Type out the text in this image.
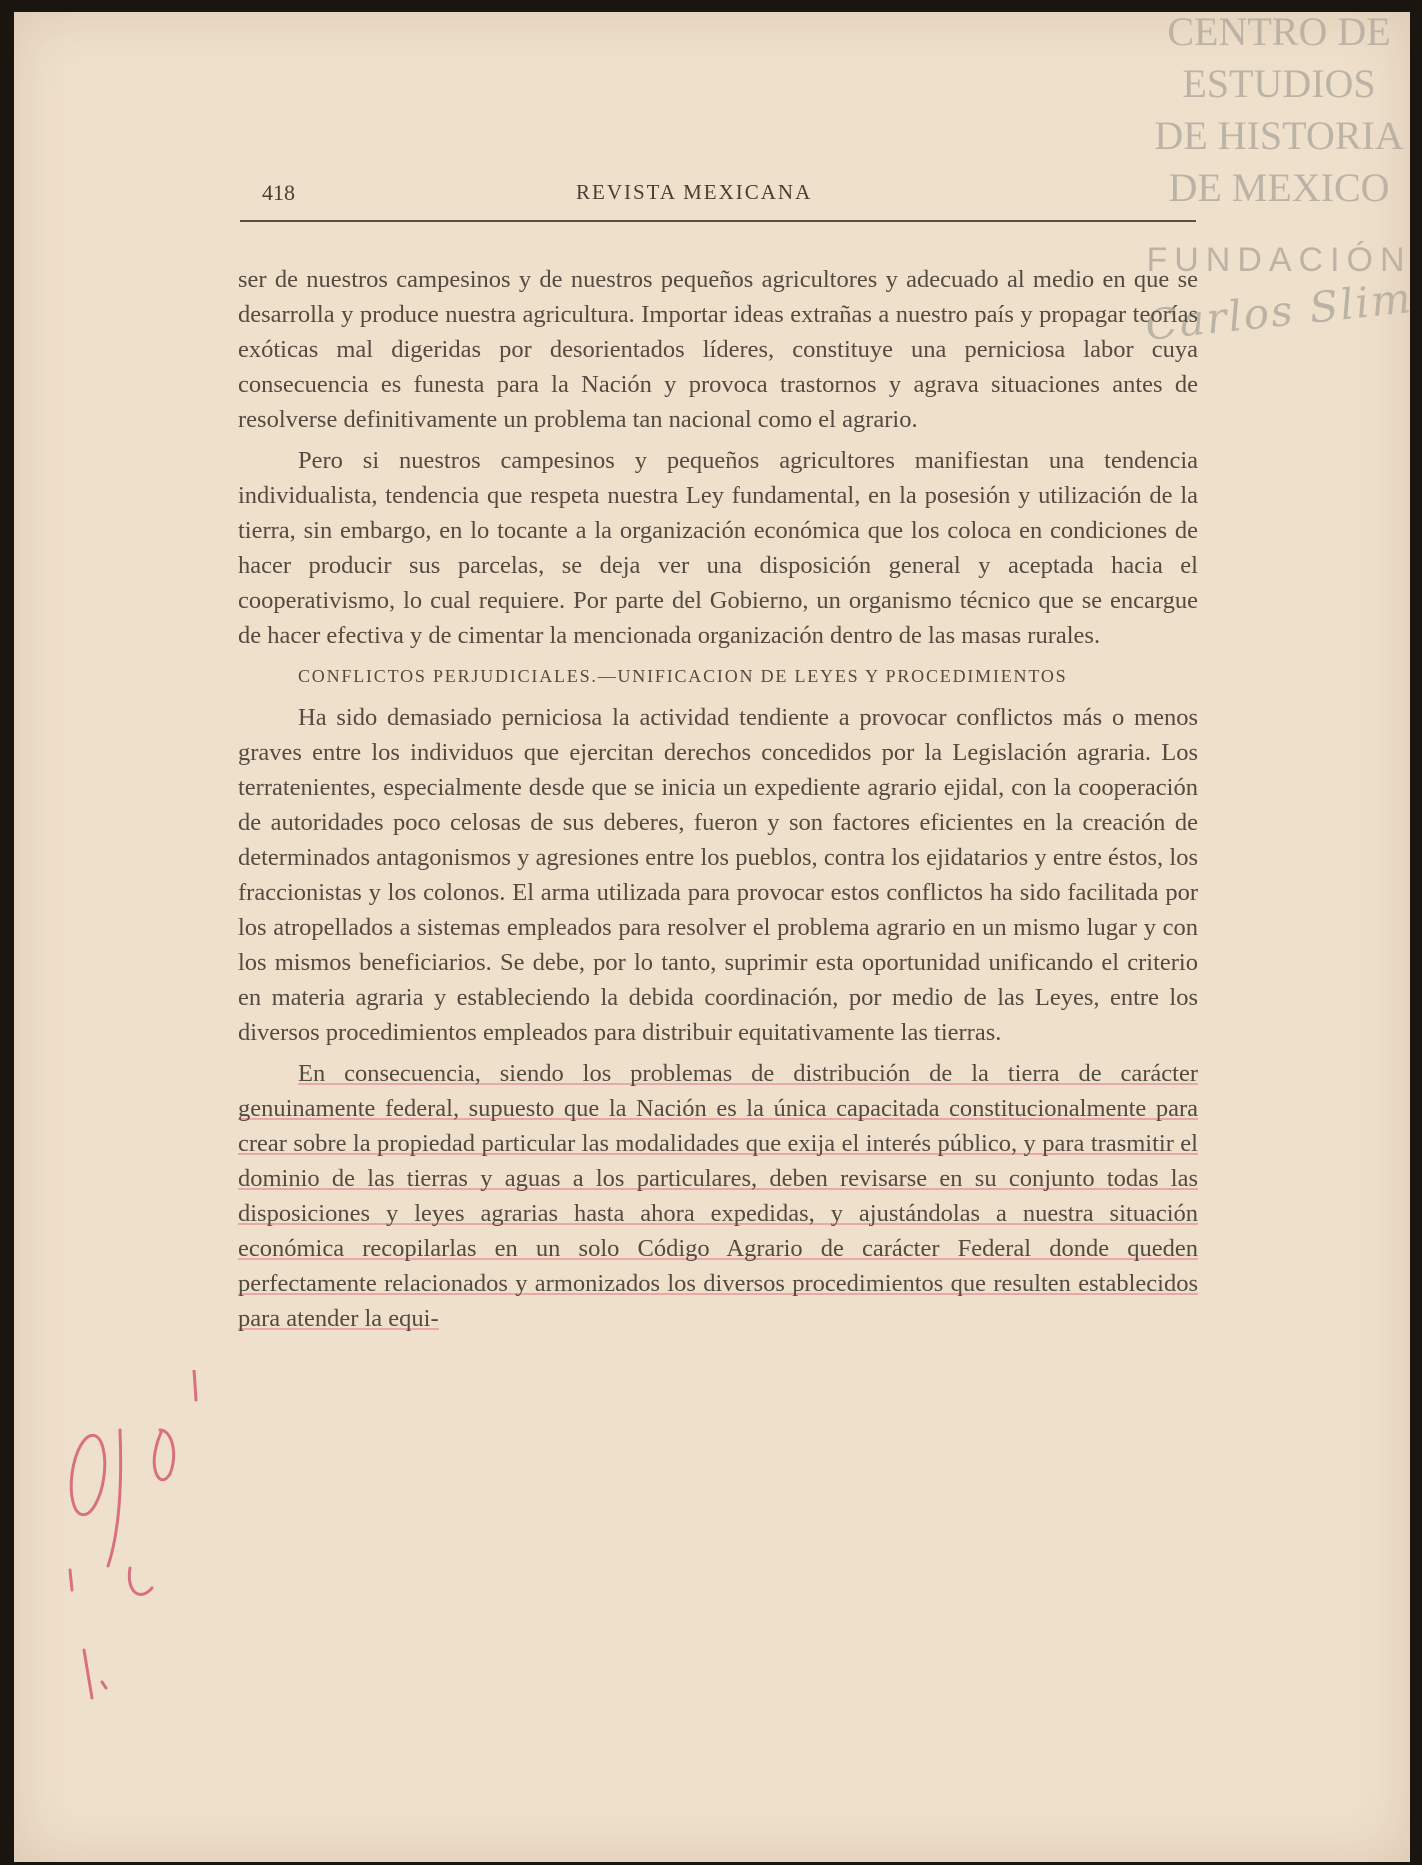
CENTRO DE
ESTUDIOS
DE HISTORIA
DE MEXICO
FUNDACIÓN
Carlos Slim
418	REVISTA MEXICANA

ser de nuestros campesinos y de nuestros pequeños agricultores y adecuado al medio en que se desarrolla y produce nuestra agricultura. Importar ideas extrañas a nuestro país y propagar teorías exóticas mal digeridas por desorientados líderes, constituye una perniciosa labor cuya consecuencia es funesta para la Nación y provoca trastornos y agrava situaciones antes de resolverse definitivamente un problema tan nacional como el agrario.

Pero si nuestros campesinos y pequeños agricultores manifiestan una tendencia individualista, tendencia que respeta nuestra Ley fundamental, en la posesión y utilización de la tierra, sin embargo, en lo tocante a la organización económica que los coloca en condiciones de hacer producir sus parcelas, se deja ver una disposición general y aceptada hacia el cooperativismo, lo cual requiere. Por parte del Gobierno, un organismo técnico que se encargue de hacer efectiva y de cimentar la mencionada organización dentro de las masas rurales.

CONFLICTOS PERJUDICIALES.—UNIFICACION DE LEYES Y PROCEDIMIENTOS

Ha sido demasiado perniciosa la actividad tendiente a provocar conflictos más o menos graves entre los individuos que ejercitan derechos concedidos por la Legislación agraria. Los terratenientes, especialmente desde que se inicia un expediente agrario ejidal, con la cooperación de autoridades poco celosas de sus deberes, fueron y son factores eficientes en la creación de determinados antagonismos y agresiones entre los pueblos, contra los ejidatarios y entre éstos, los fraccionistas y los colonos. El arma utilizada para provocar estos conflictos ha sido facilitada por los atropellados a sistemas empleados para resolver el problema agrario en un mismo lugar y con los mismos beneficiarios. Se debe, por lo tanto, suprimir esta oportunidad unificando el criterio en materia agraria y estableciendo la debida coordinación, por medio de las Leyes, entre los diversos procedimientos empleados para distribuir equitativamente las tierras.

En consecuencia, siendo los problemas de distribución de la tierra de carácter genuinamente federal, supuesto que la Nación es la única capacitada constitucionalmente para crear sobre la propiedad particular las modalidades que exija el interés público, y para trasmitir el dominio de las tierras y aguas a los particulares, deben revisarse en su conjunto todas las disposiciones y leyes agrarias hasta ahora expedidas, y ajustándolas a nuestra situación económica recopilarlas en un solo Código Agrario de carácter Federal donde queden perfectamente relacionados y armonizados los diversos procedimientos que resulten establecidos para atender la equi-
